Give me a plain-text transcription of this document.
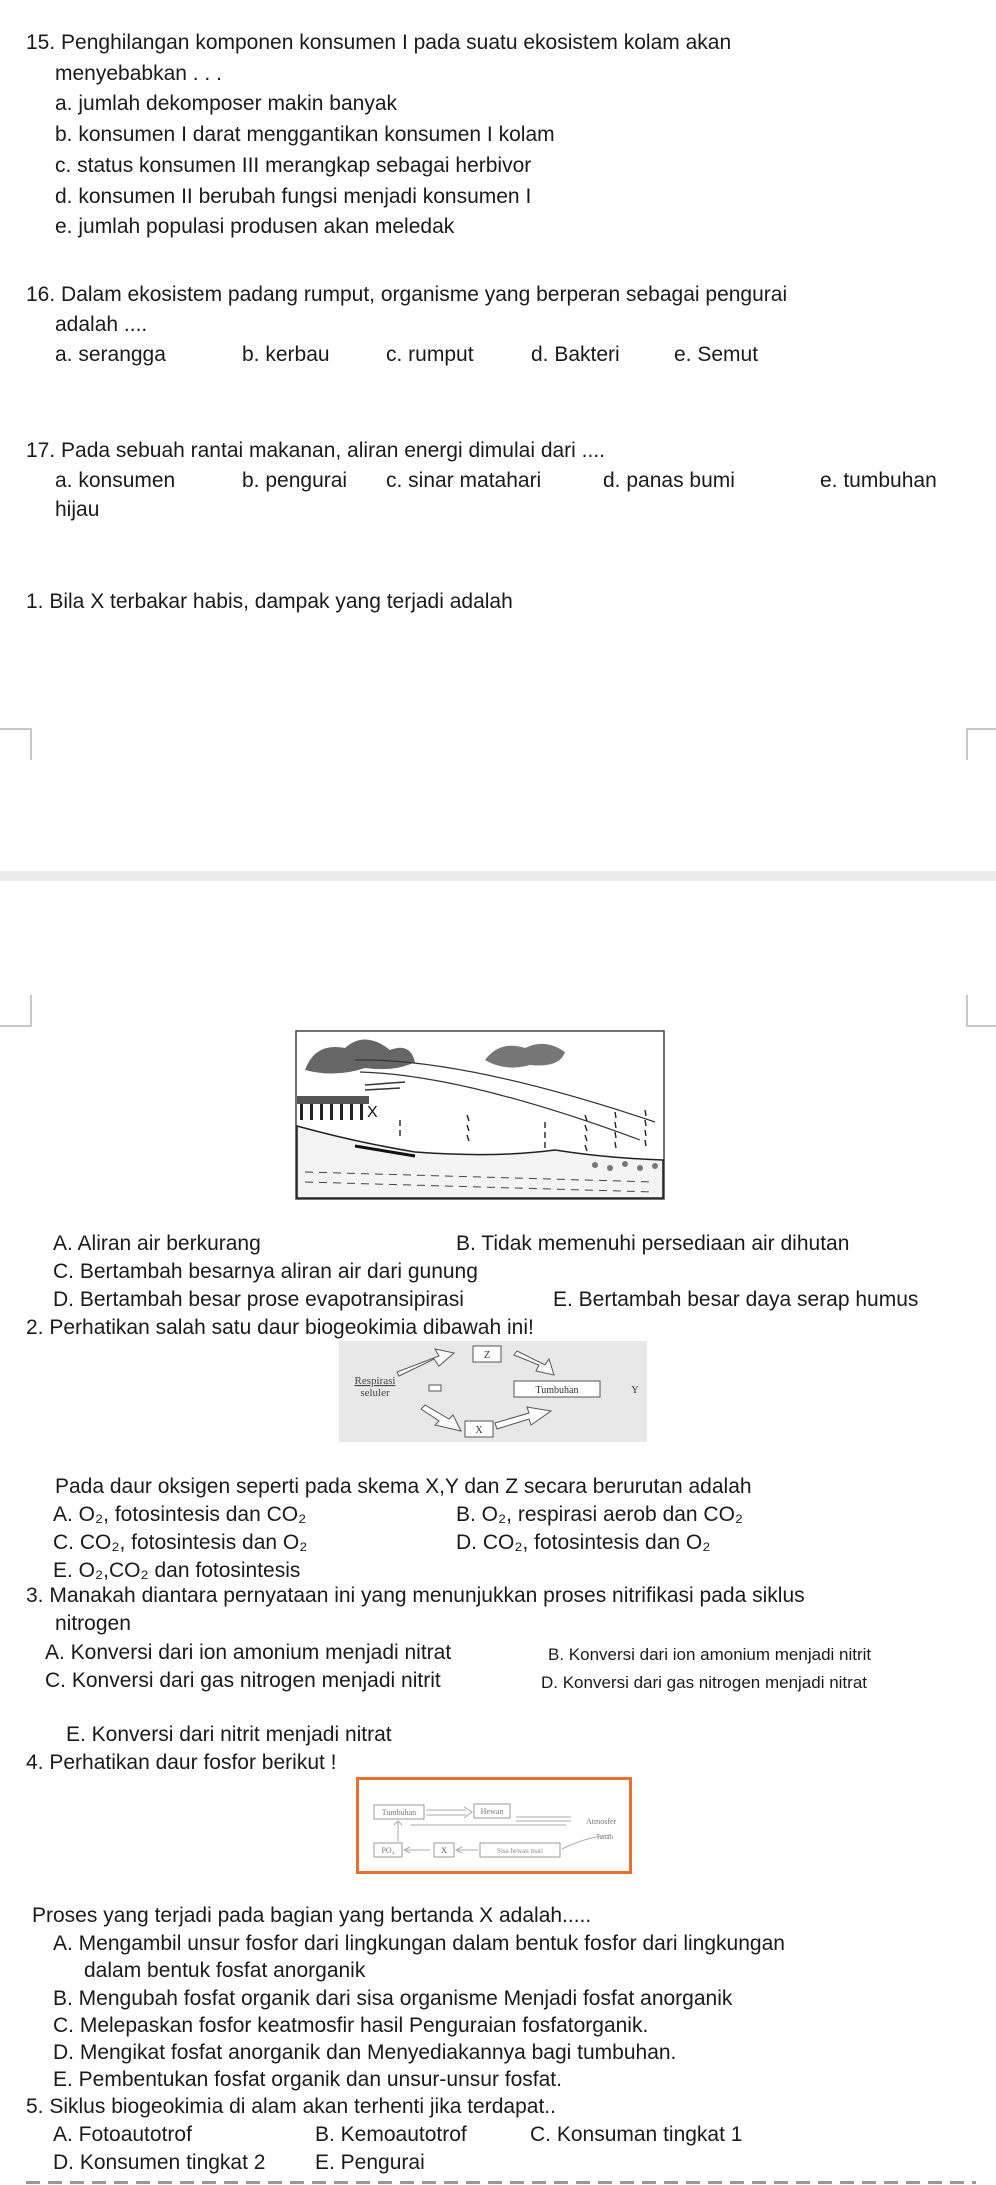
15. Penghilangan komponen konsumen I pada suatu ekosistem kolam akan
menyebabkan . . .
a. jumlah dekomposer makin banyak
b. konsumen I darat menggantikan konsumen I kolam
c. status konsumen III merangkap sebagai herbivor
d. konsumen II berubah fungsi menjadi konsumen I
e. jumlah populasi produsen akan meledak
16. Dalam ekosistem padang rumput, organisme yang berperan sebagai pengurai
adalah ....
a. serangga	b. kerbau	c. rumput	d. Bakteri	e. Semut
17. Pada sebuah rantai makanan, aliran energi dimulai dari ....
a. konsumen	b. pengurai c. sinar matahari	d. panas bumi	e. tumbuhan
hijau
1. Bila X terbakar habis, dampak yang terjadi adalah
X
A. Aliran air berkurang	B. Tidak memenuhi persediaan air dihutan
C. Bertambah besarnya aliran air dari gunung
D. Bertambah besar prose evapotransipirasi	E. Bertambah besar daya serap humus
2. Perhatikan salah satu daur biogeokimia dibawah ini!
Z
Respirasi
seluler	Tumbuhan	Y
X
Pada daur oksigen seperti pada skema X,Y dan Z secara berurutan adalah
A. O₂, fotosintesis dan CO₂	B. O₂, respirasi aerob dan CO₂
C. CO₂, fotosintesis dan O₂	D. CO₂, fotosintesis dan O₂
E. O₂,CO₂ dan fotosintesis
3. Manakah diantara pernyataan ini yang menunjukkan proses nitrifikasi pada siklus
nitrogen
A. Konversi dari ion amonium menjadi nitrat	B. Konversi dari ion amonium menjadi nitrit
C. Konversi dari gas nitrogen menjadi nitrit	D. Konversi dari gas nitrogen menjadi nitrat
E. Konversi dari nitrit menjadi nitrat
4. Perhatikan daur fosfor berikut !
Tumbuhan	Hewan
Atmosfer
Tanah
PO₄	X	Sisa hewan mati
Proses yang terjadi pada bagian yang bertanda X adalah.....
A. Mengambil unsur fosfor dari lingkungan dalam bentuk fosfor dari lingkungan
dalam bentuk fosfat anorganik
B. Mengubah fosfat organik dari sisa organisme Menjadi fosfat anorganik
C. Melepaskan fosfor keatmosfir hasil Penguraian fosfatorganik.
D. Mengikat fosfat anorganik dan Menyediakannya bagi tumbuhan.
E. Pembentukan fosfat organik dan unsur-unsur fosfat.
5. Siklus biogeokimia di alam akan terhenti jika terdapat..
A. Fotoautotrof	B. Kemoautotrof	C. Konsuman tingkat 1
D. Konsumen tingkat 2 E. Pengurai
